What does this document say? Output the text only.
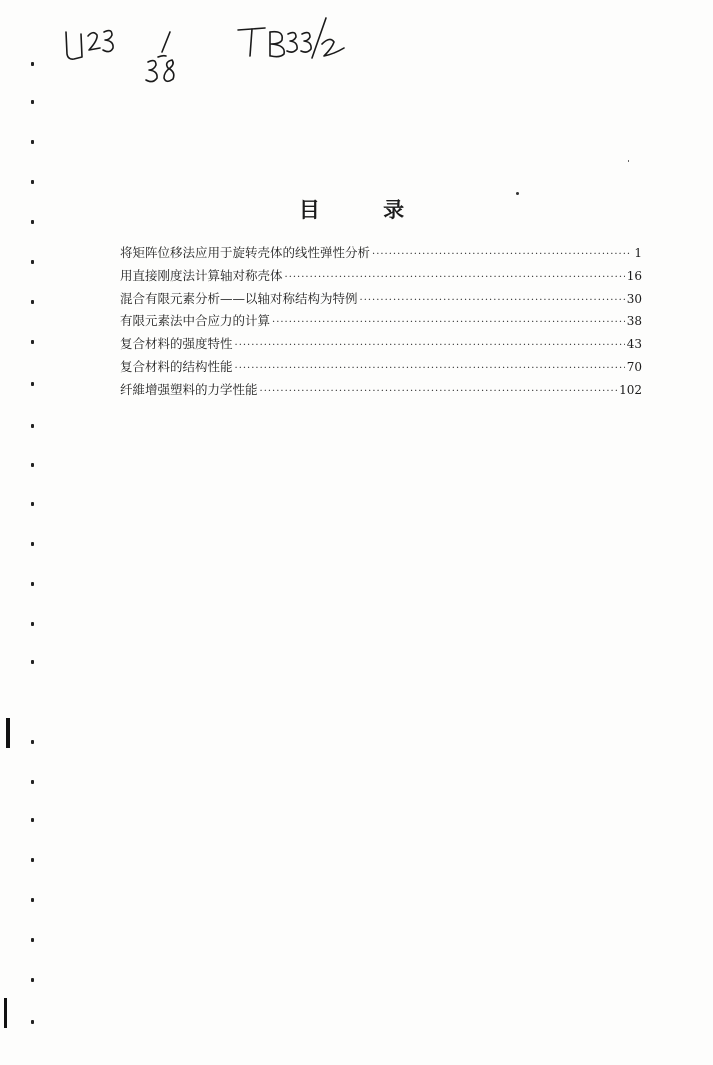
目 录
将矩阵位移法应用于旋转壳体的线性弹性分析 ·····	1
用直接刚度法计算轴对称壳体 ·····	16
混合有限元素分析——以轴对称结构为特例 ·····	30
有限元素法中合应力的计算 ·····	38
复合材料的强度特性 ·····	43
复合材料的结构性能 ·····	70
纤維增强塑料的力学性能 ·····	102
